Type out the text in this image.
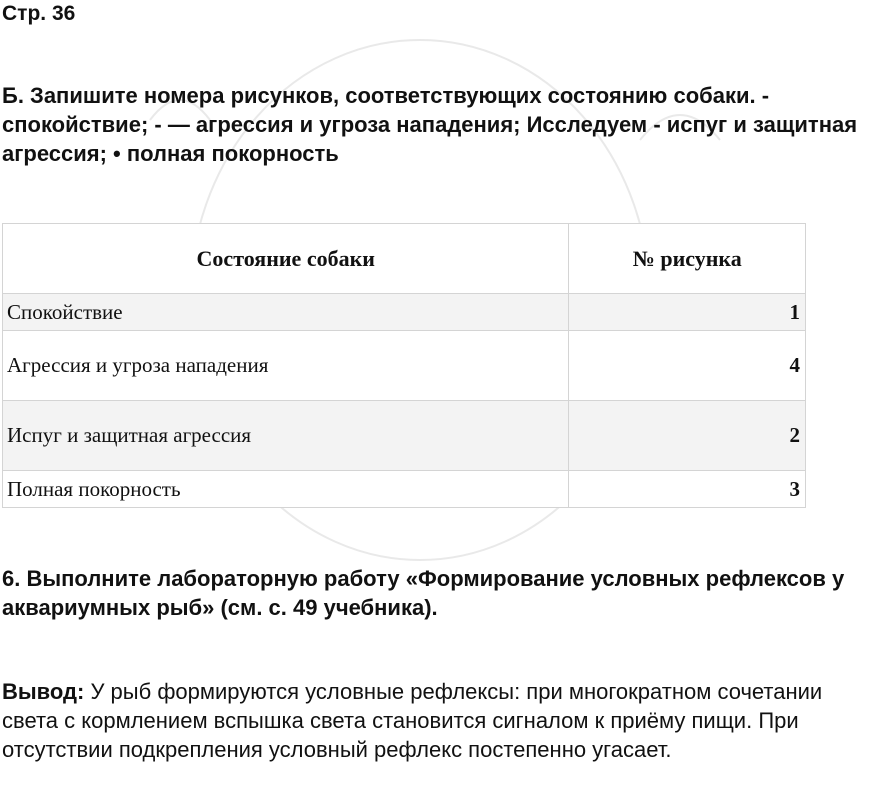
Стр. 36
Б. Запишите номера рисунков, соответствующих состоянию собаки. - спокойствие; - — агрессия и угроза нападения; Исследуем - испуг и защитная агрессия; • полная покорность
Состояние собаки	№ рисунка
Спокойствие	1
Агрессия и угроза нападения	4
Испуг и защитная агрессия	2
Полная покорность	3
6. Выполните лабораторную работу «Формирование условных рефлексов у аквариумных рыб» (см. с. 49 учебника).
Вывод: У рыб формируются условные рефлексы: при многократном сочетании света с кормлением вспышка света становится сигналом к приёму пищи. При отсутствии подкрепления условный рефлекс постепенно угасает.
